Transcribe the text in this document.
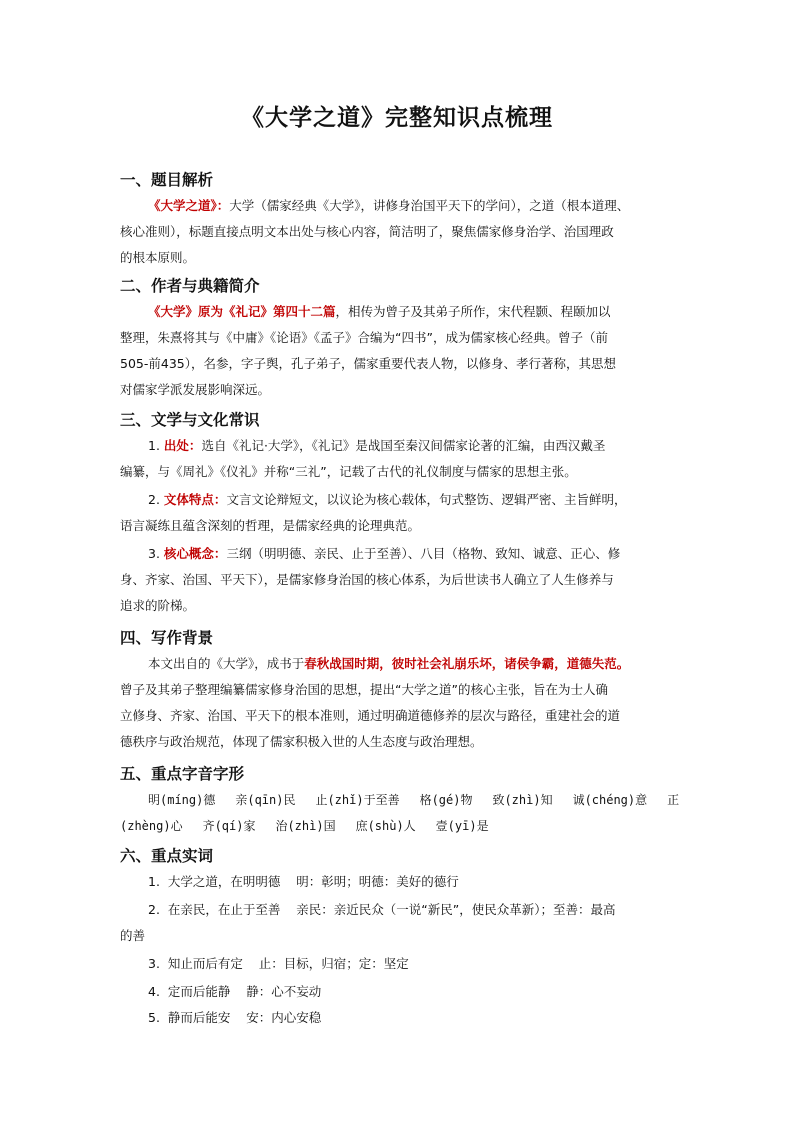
《大学之道》完整知识点梳理
一、题目解析
《大学之道》：大学（儒家经典《大学》，讲修身治国平天下的学问），之道（根本道理、
核心准则），标题直接点明文本出处与核心内容，简洁明了，聚焦儒家修身治学、治国理政
的根本原则。
二、作者与典籍简介
《大学》原为《礼记》第四十二篇，相传为曾子及其弟子所作，宋代程颢、程颐加以
整理，朱熹将其与《中庸》《论语》《孟子》合编为“四书”，成为儒家核心经典。曾子（前
505-前435），名参，字子舆，孔子弟子，儒家重要代表人物，以修身、孝行著称，其思想
对儒家学派发展影响深远。
三、文学与文化常识
1. 出处：选自《礼记·大学》，《礼记》是战国至秦汉间儒家论著的汇编，由西汉戴圣
编纂，与《周礼》《仪礼》并称“三礼”，记载了古代的礼仪制度与儒家的思想主张。
2. 文体特点：文言文论辩短文，以议论为核心载体，句式整饬、逻辑严密、主旨鲜明，
语言凝练且蕴含深刻的哲理，是儒家经典的论理典范。
3. 核心概念：三纲（明明德、亲民、止于至善）、八目（格物、致知、诚意、正心、修
身、齐家、治国、平天下），是儒家修身治国的核心体系，为后世读书人确立了人生修养与
追求的阶梯。
四、写作背景
本文出自的《大学》，成书于春秋战国时期，彼时社会礼崩乐坏，诸侯争霸，道德失范。
曾子及其弟子整理编纂儒家修身治国的思想，提出“大学之道”的核心主张，旨在为士人确
立修身、齐家、治国、平天下的根本准则，通过明确道德修养的层次与路径，重建社会的道
德秩序与政治规范，体现了儒家积极入世的人生态度与政治理想。
五、重点字音字形
明(míng)德 亲(qīn)民 止(zhǐ)于至善 格(gé)物 致(zhì)知 诚(chéng)意 正
(zhèng)心 齐(qí)家 治(zhì)国 庶(shù)人 壹(yī)是
六、重点实词
1.  大学之道，在明明德    明：彰明；明德：美好的德行
2.  在亲民，在止于至善    亲民：亲近民众（一说“新民”，使民众革新）；至善：最高
的善
3.  知止而后有定    止：目标，归宿；定：坚定
4.  定而后能静    静：心不妄动
5.  静而后能安    安：内心安稳
